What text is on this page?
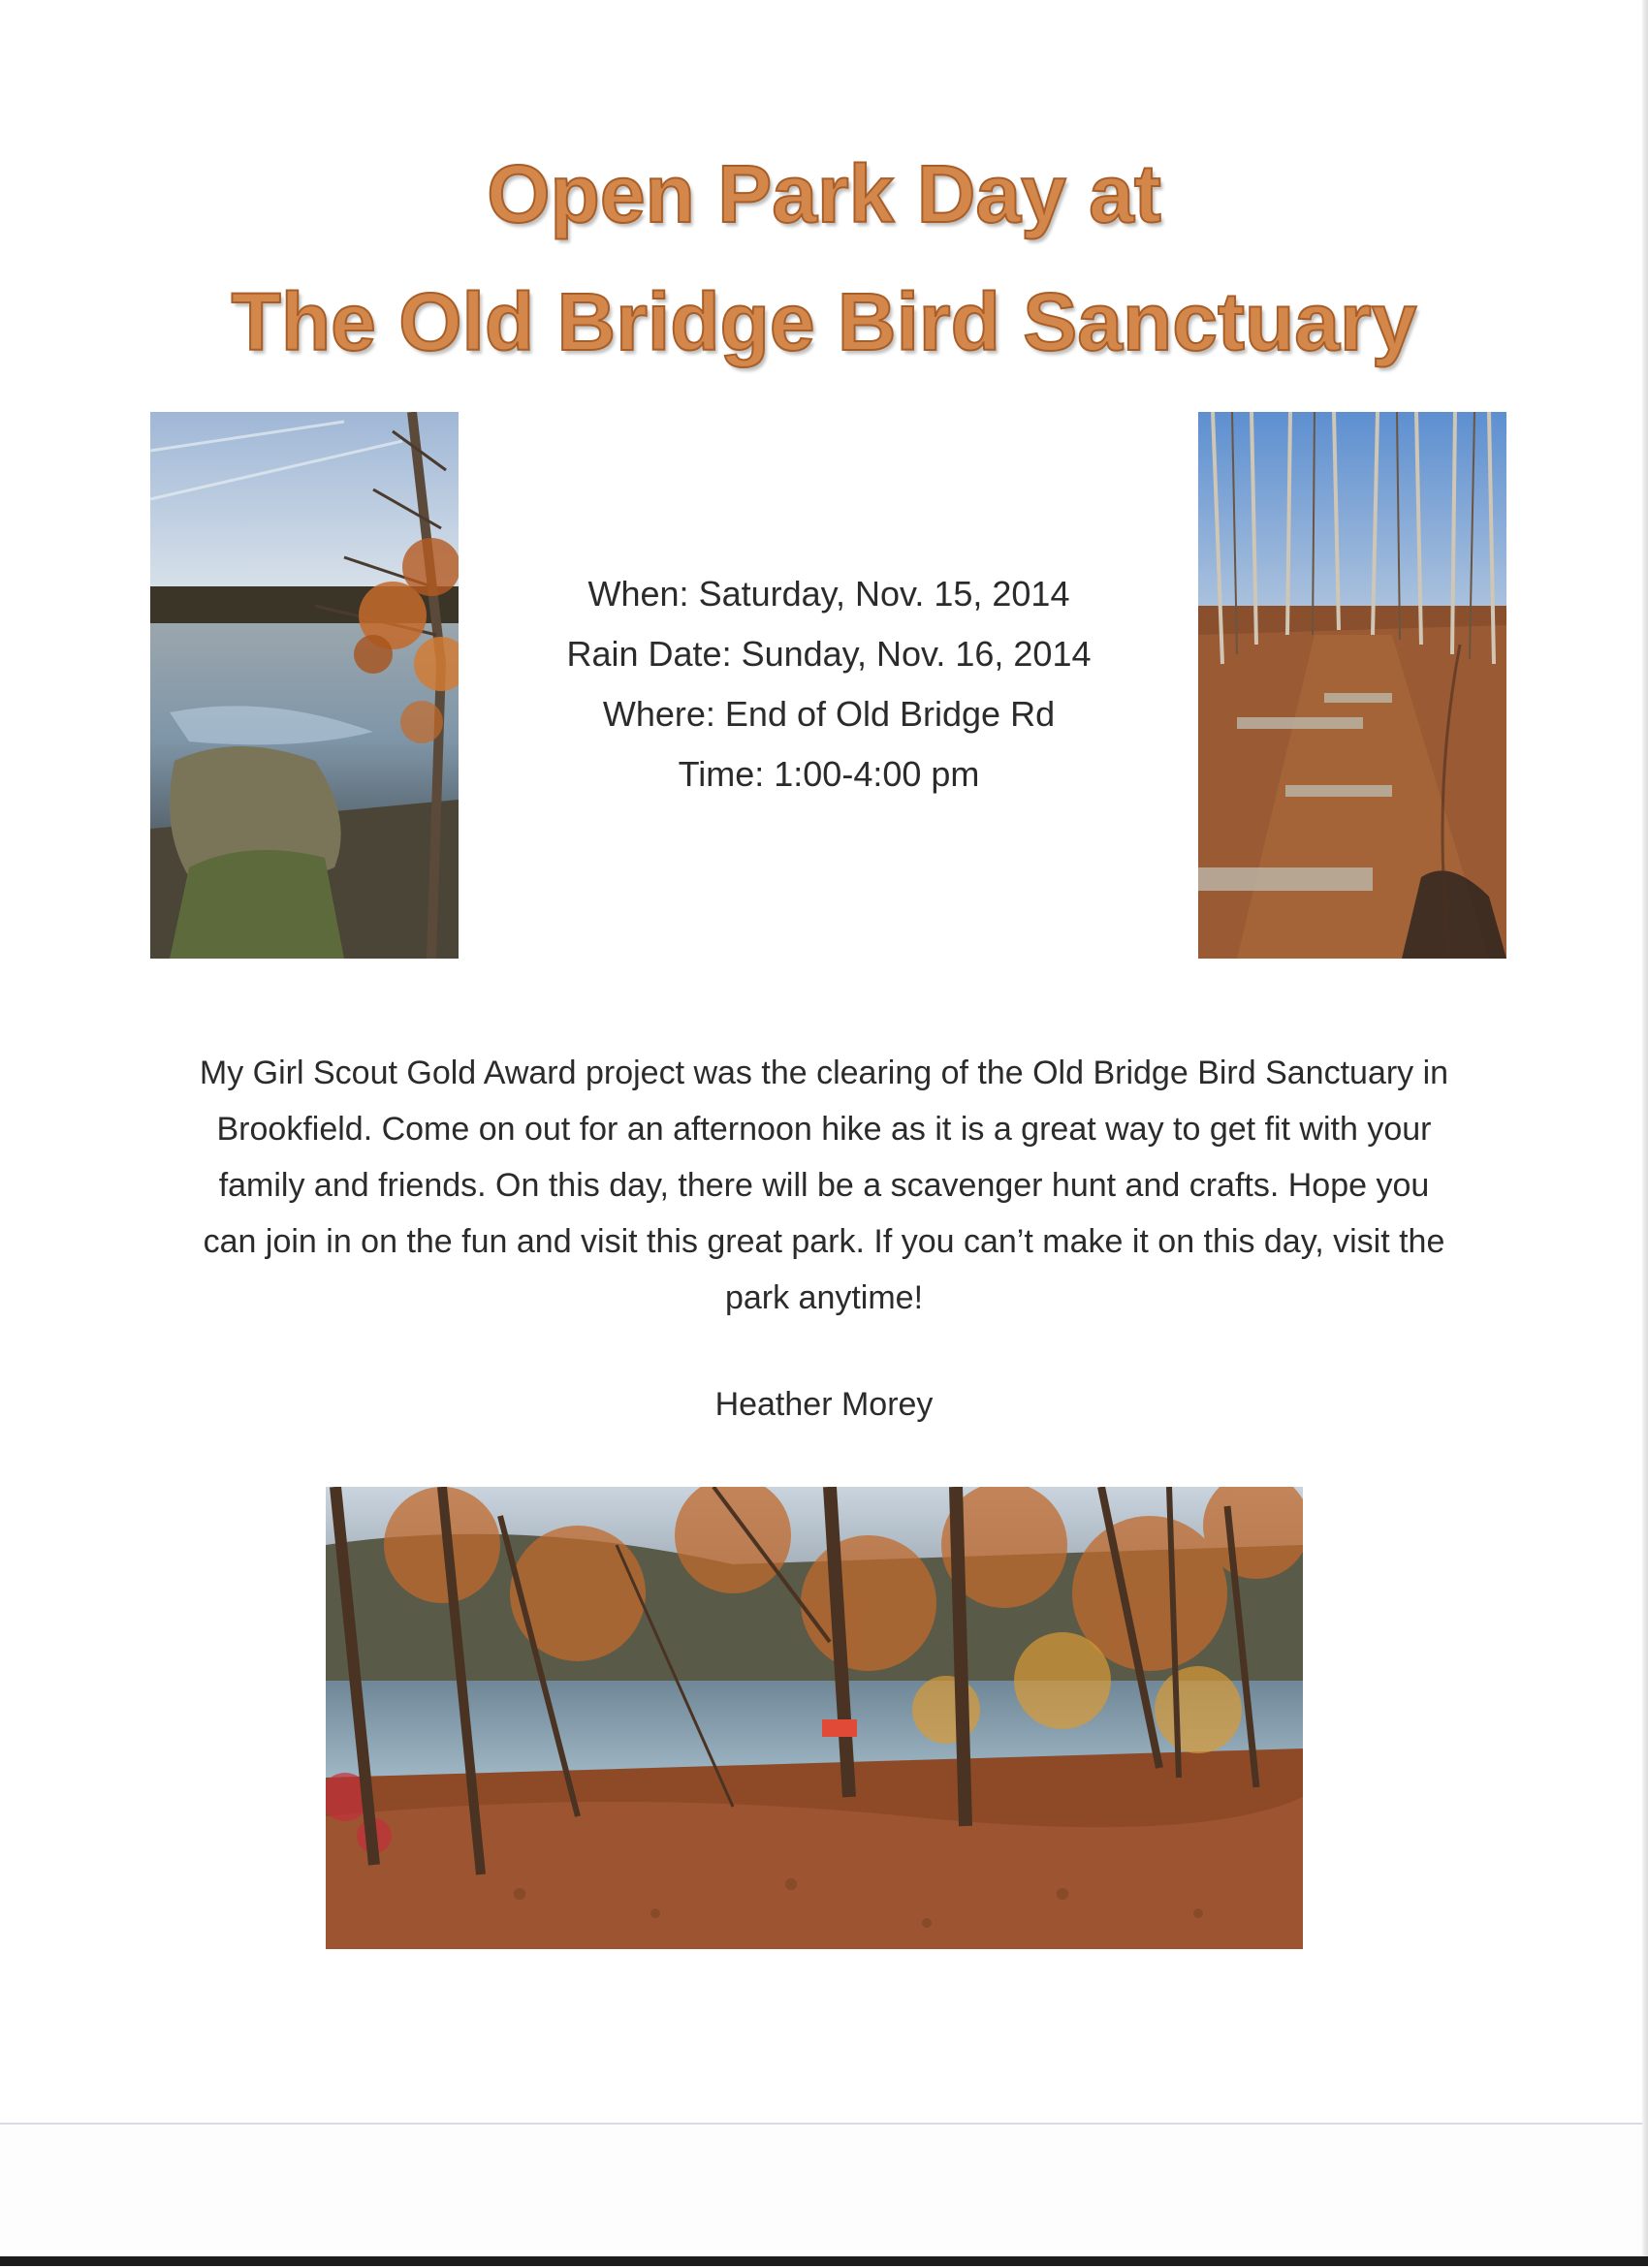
Open Park Day at
The Old Bridge Bird Sanctuary
When: Saturday, Nov. 15, 2014
Rain Date: Sunday, Nov. 16, 2014
Where: End of Old Bridge Rd
Time: 1:00-4:00 pm

My Girl Scout Gold Award project was the clearing of the Old Bridge Bird Sanctuary in Brookfield. Come on out for an afternoon hike as it is a great way to get fit with your family and friends. On this day, there will be a scavenger hunt and crafts. Hope you can join in on the fun and visit this great park. If you can’t make it on this day, visit the park anytime!

Heather Morey
